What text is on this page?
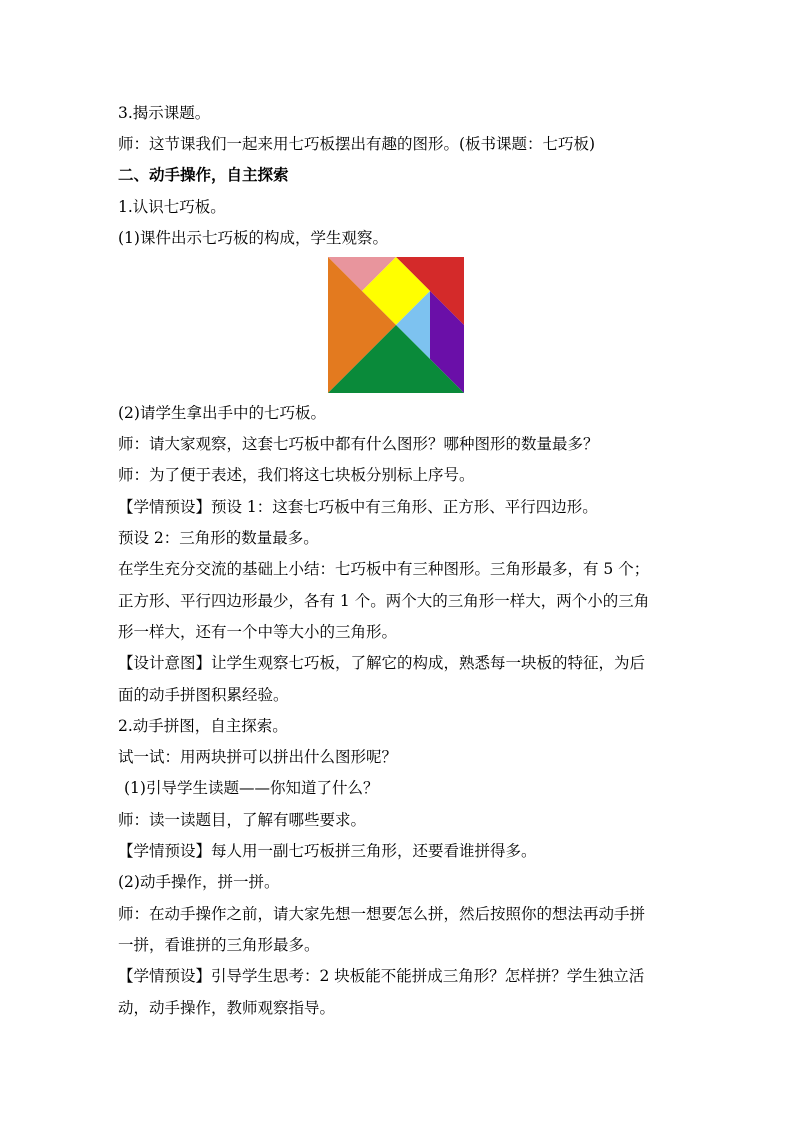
3.揭示课题。
师：这节课我们一起来用七巧板摆出有趣的图形。(板书课题：七巧板)
二、动手操作，自主探索
1.认识七巧板。
(1)课件出示七巧板的构成，学生观察。
(2)请学生拿出手中的七巧板。
师：请大家观察，这套七巧板中都有什么图形？哪种图形的数量最多？
师：为了便于表述，我们将这七块板分别标上序号。
【学情预设】预设 1：这套七巧板中有三角形、正方形、平行四边形。
预设 2：三角形的数量最多。
在学生充分交流的基础上小结：七巧板中有三种图形。三角形最多，有 5 个；
正方形、平行四边形最少，各有 1 个。两个大的三角形一样大，两个小的三角
形一样大，还有一个中等大小的三角形。
【设计意图】让学生观察七巧板，了解它的构成，熟悉每一块板的特征，为后
面的动手拼图积累经验。
2.动手拼图，自主探索。
试一试：用两块拼可以拼出什么图形呢？
(1)引导学生读题——你知道了什么？
师：读一读题目，了解有哪些要求。
【学情预设】每人用一副七巧板拼三角形，还要看谁拼得多。
(2)动手操作，拼一拼。
师：在动手操作之前，请大家先想一想要怎么拼，然后按照你的想法再动手拼
一拼，看谁拼的三角形最多。
【学情预设】引导学生思考：2 块板能不能拼成三角形？怎样拼？学生独立活
动，动手操作，教师观察指导。
